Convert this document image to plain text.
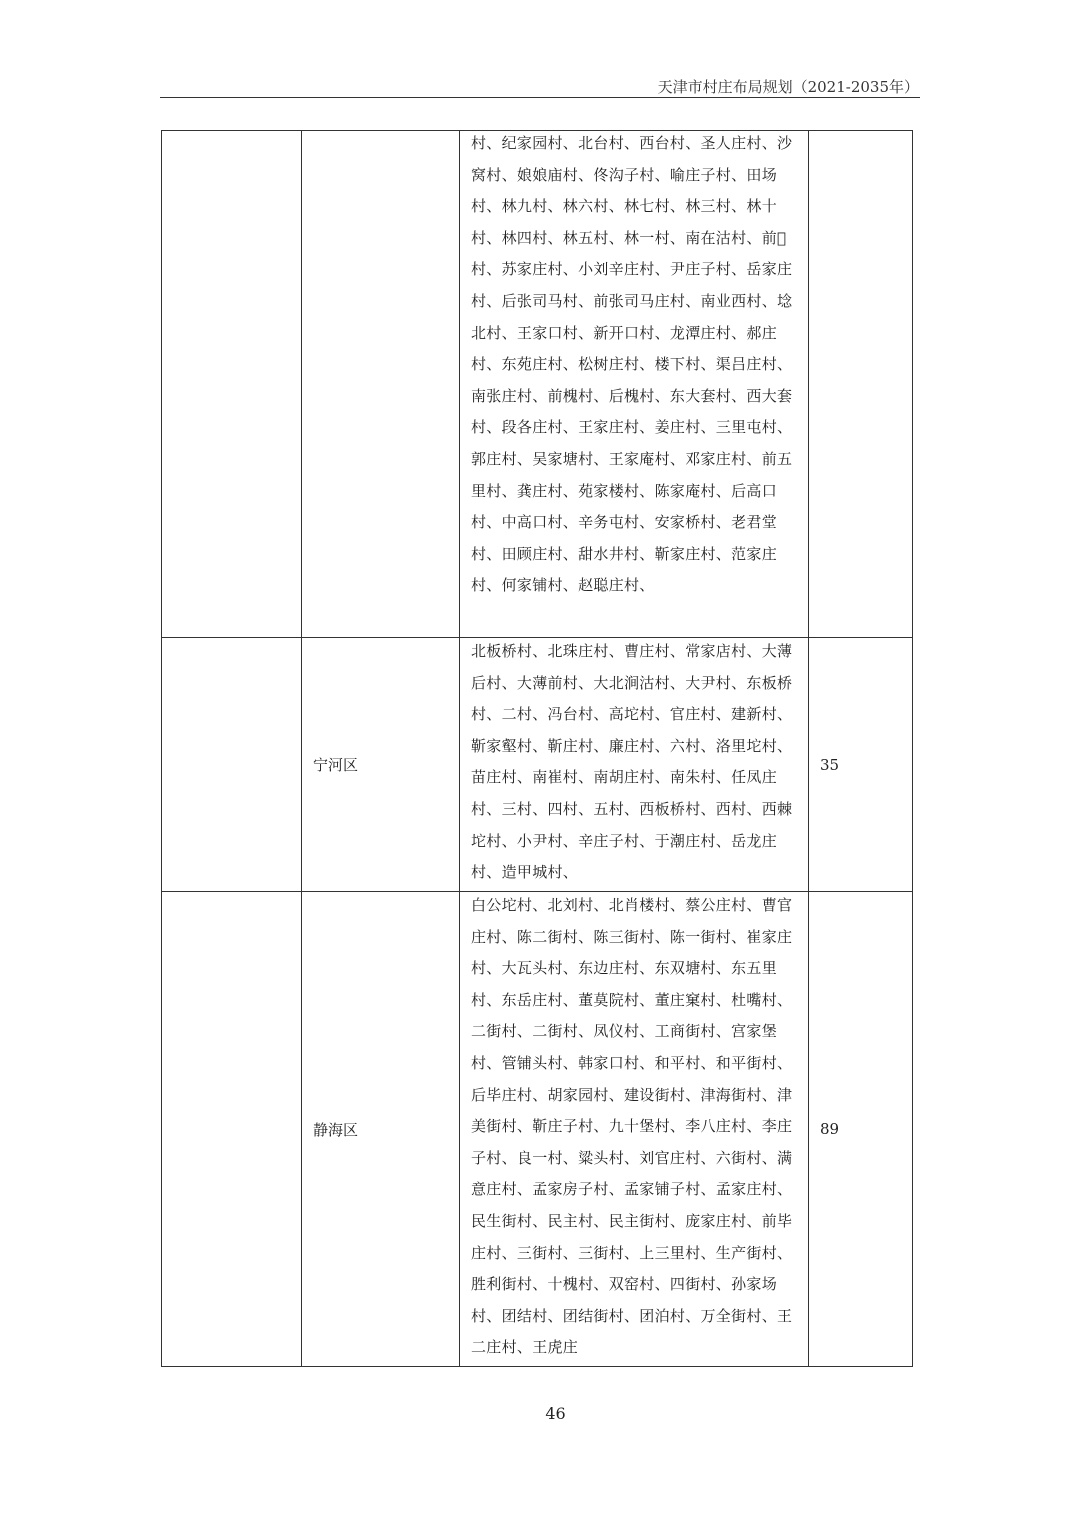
天津市村庄布局规划（2021-2035年）

		村、纪家园村、北台村、西台村、圣人庄村、沙窝村、娘娘庙村、佟沟子村、喻庄子村、田场村、林九村、林六村、林七村、林三村、林十村、林四村、林五村、林一村、南在沽村、前𬍸村、苏家庄村、小刘辛庄村、尹庄子村、岳家庄村、后张司马村、前张司马庄村、南业西村、埝北村、王家口村、新开口村、龙潭庄村、郝庄村、东苑庄村、松树庄村、楼下村、渠吕庄村、南张庄村、前槐村、后槐村、东大套村、西大套村、段各庄村、王家庄村、姜庄村、三里屯村、郭庄村、吴家塘村、王家庵村、邓家庄村、前五里村、龚庄村、苑家楼村、陈家庵村、后高口村、中高口村、辛务屯村、安家桥村、老君堂村、田顾庄村、甜水井村、靳家庄村、范家庄村、何家铺村、赵聪庄村、	

	宁河区	北板桥村、北珠庄村、曹庄村、常家店村、大薄后村、大薄前村、大北涧沽村、大尹村、东板桥村、二村、冯台村、高坨村、官庄村、建新村、靳家壑村、靳庄村、廉庄村、六村、洛里坨村、苗庄村、南崔村、南胡庄村、南朱村、任凤庄村、三村、四村、五村、西板桥村、西村、西棘坨村、小尹村、辛庄子村、于潮庄村、岳龙庄村、造甲城村、	35
	静海区	白公坨村、北刘村、北肖楼村、蔡公庄村、曹官庄村、陈二街村、陈三街村、陈一街村、崔家庄村、大瓦头村、东边庄村、东双塘村、东五里村、东岳庄村、董莫院村、董庄窠村、杜嘴村、二街村、二街村、凤仪村、工商街村、宫家堡村、管铺头村、韩家口村、和平村、和平街村、后毕庄村、胡家园村、建设街村、津海街村、津美街村、靳庄子村、九十堡村、李八庄村、李庄子村、良一村、粱头村、刘官庄村、六街村、满意庄村、孟家房子村、孟家铺子村、孟家庄村、民生街村、民主村、民主街村、庞家庄村、前毕庄村、三街村、三街村、上三里村、生产街村、胜利街村、十槐村、双窑村、四街村、孙家场村、团结村、团结街村、团泊村、万全街村、王二庄村、王虎庄	89
46
